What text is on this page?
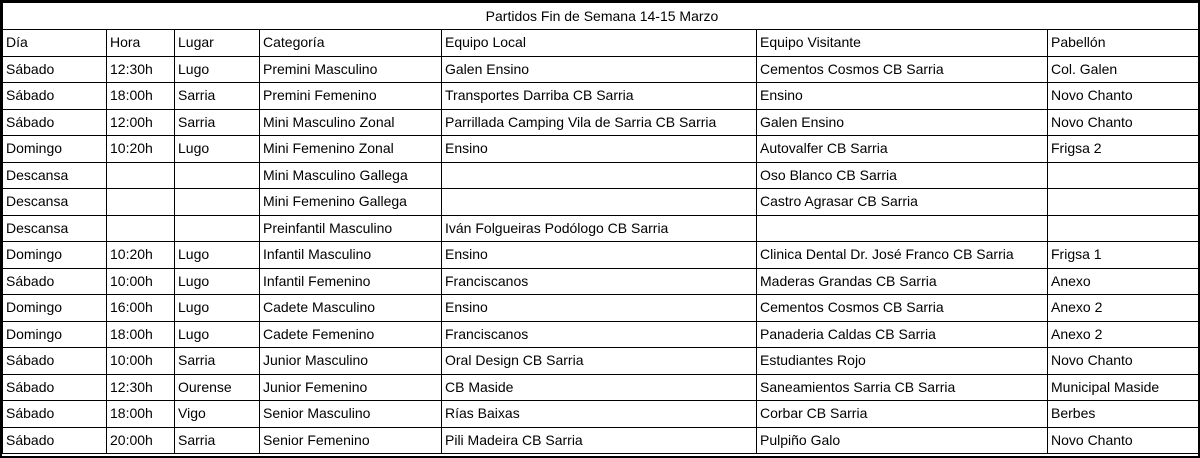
Partidos Fin de Semana 14-15 Marzo						
Día	Hora	Lugar	Categoría	Equipo Local	Equipo Visitante	Pabellón
Sábado	12:30h	Lugo	Premini Masculino	Galen Ensino	Cementos Cosmos CB Sarria	Col. Galen
Sábado	18:00h	Sarria	Premini Femenino	Transportes Darriba CB Sarria	Ensino	Novo Chanto
Sábado	12:00h	Sarria	Mini Masculino Zonal	Parrillada Camping Vila de Sarria CB Sarria	Galen Ensino	Novo Chanto
Domingo	10:20h	Lugo	Mini Femenino Zonal	Ensino	Autovalfer CB Sarria	Frigsa 2
Descansa			Mini Masculino Gallega		Oso Blanco CB Sarria	
Descansa			Mini Femenino Gallega		Castro Agrasar CB Sarria	
Descansa			Preinfantil Masculino	Iván Folgueiras Podólogo CB Sarria		
Domingo	10:20h	Lugo	Infantil Masculino	Ensino	Clinica Dental Dr. José Franco CB Sarria	Frigsa 1
Sábado	10:00h	Lugo	Infantil Femenino	Franciscanos	Maderas Grandas CB Sarria	Anexo
Domingo	16:00h	Lugo	Cadete Masculino	Ensino	Cementos Cosmos CB Sarria	Anexo 2
Domingo	18:00h	Lugo	Cadete Femenino	Franciscanos	Panaderia Caldas CB Sarria	Anexo 2
Sábado	10:00h	Sarria	Junior Masculino	Oral Design CB Sarria	Estudiantes Rojo	Novo Chanto
Sábado	12:30h	Ourense	Junior Femenino	CB Maside	Saneamientos Sarria CB Sarria	Municipal Maside
Sábado	18:00h	Vigo	Senior Masculino	Rías Baixas	Corbar CB Sarria	Berbes
Sábado	20:00h	Sarria	Senior Femenino	Pili Madeira CB Sarria	Pulpiño Galo	Novo Chanto
